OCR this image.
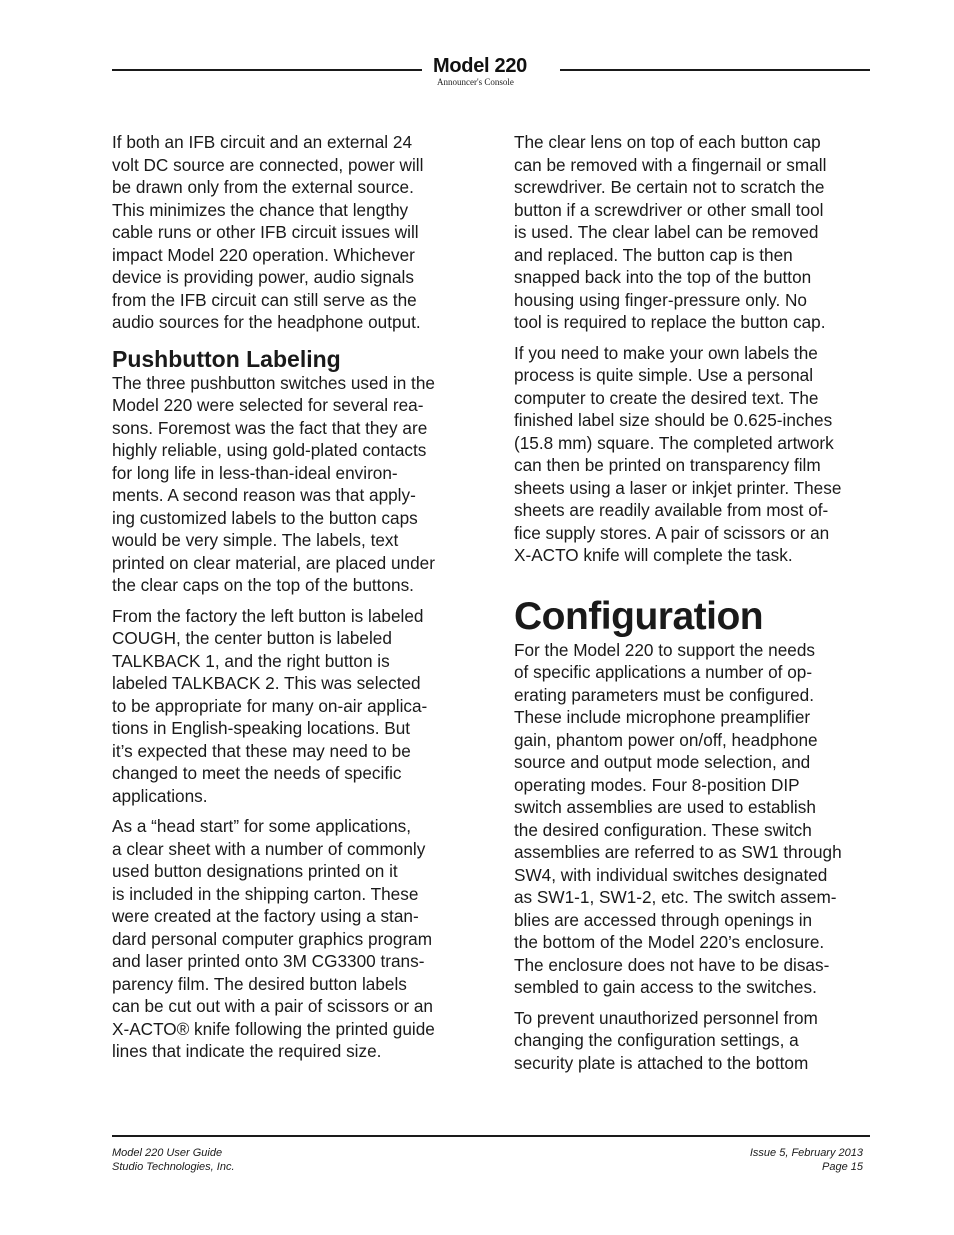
Model 220
Announcer's Console

If both an IFB circuit and an external 24
volt DC source are connected, power will
be drawn only from the external source.
This minimizes the chance that lengthy
cable runs or other IFB circuit issues will
impact Model 220 operation. Whichever
device is providing power, audio signals
from the IFB circuit can still serve as the
audio sources for the headphone output.

Pushbutton Labeling

The three pushbutton switches used in the
Model 220 were selected for several rea-
sons. Foremost was the fact that they are
highly reliable, using gold-plated contacts
for long life in less-than-ideal environ-
ments. A second reason was that apply-
ing customized labels to the button caps
would be very simple. The labels, text
printed on clear material, are placed under
the clear caps on the top of the buttons.

From the factory the left button is labeled
COUGH, the center button is labeled
TALKBACK 1, and the right button is
labeled TALKBACK 2. This was selected
to be appropriate for many on-air applica-
tions in English-speaking locations. But
it’s expected that these may need to be
changed to meet the needs of specific
applications.

As a “head start” for some applications,
a clear sheet with a number of commonly
used button designations printed on it
is included in the shipping carton. These
were created at the factory using a stan-
dard personal computer graphics program
and laser printed onto 3M CG3300 trans-
parency film. The desired button labels
can be cut out with a pair of scissors or an
X-ACTO® knife following the printed guide
lines that indicate the required size.

The clear lens on top of each button cap
can be removed with a fingernail or small
screwdriver. Be certain not to scratch the
button if a screwdriver or other small tool
is used. The clear label can be removed
and replaced. The button cap is then
snapped back into the top of the button
housing using finger-pressure only. No
tool is required to replace the button cap.

If you need to make your own labels the
process is quite simple. Use a personal
computer to create the desired text. The
finished label size should be 0.625-inches
(15.8 mm) square. The completed artwork
can then be printed on transparency film
sheets using a laser or inkjet printer. These
sheets are readily available from most of-
fice supply stores. A pair of scissors or an
X-ACTO knife will complete the task.

Configuration

For the Model 220 to support the needs
of specific applications a number of op-
erating parameters must be configured.
These include microphone preamplifier
gain, phantom power on/off, headphone
source and output mode selection, and
operating modes. Four 8-position DIP
switch assemblies are used to establish
the desired configuration. These switch
assemblies are referred to as SW1 through
SW4, with individual switches designated
as SW1-1, SW1-2, etc. The switch assem-
blies are accessed through openings in
the bottom of the Model 220’s enclosure.
The enclosure does not have to be disas-
sembled to gain access to the switches.

To prevent unauthorized personnel from
changing the configuration settings, a
security plate is attached to the bottom

Model 220 User Guide
Studio Technologies, Inc.
Issue 5, February 2013
Page 15
